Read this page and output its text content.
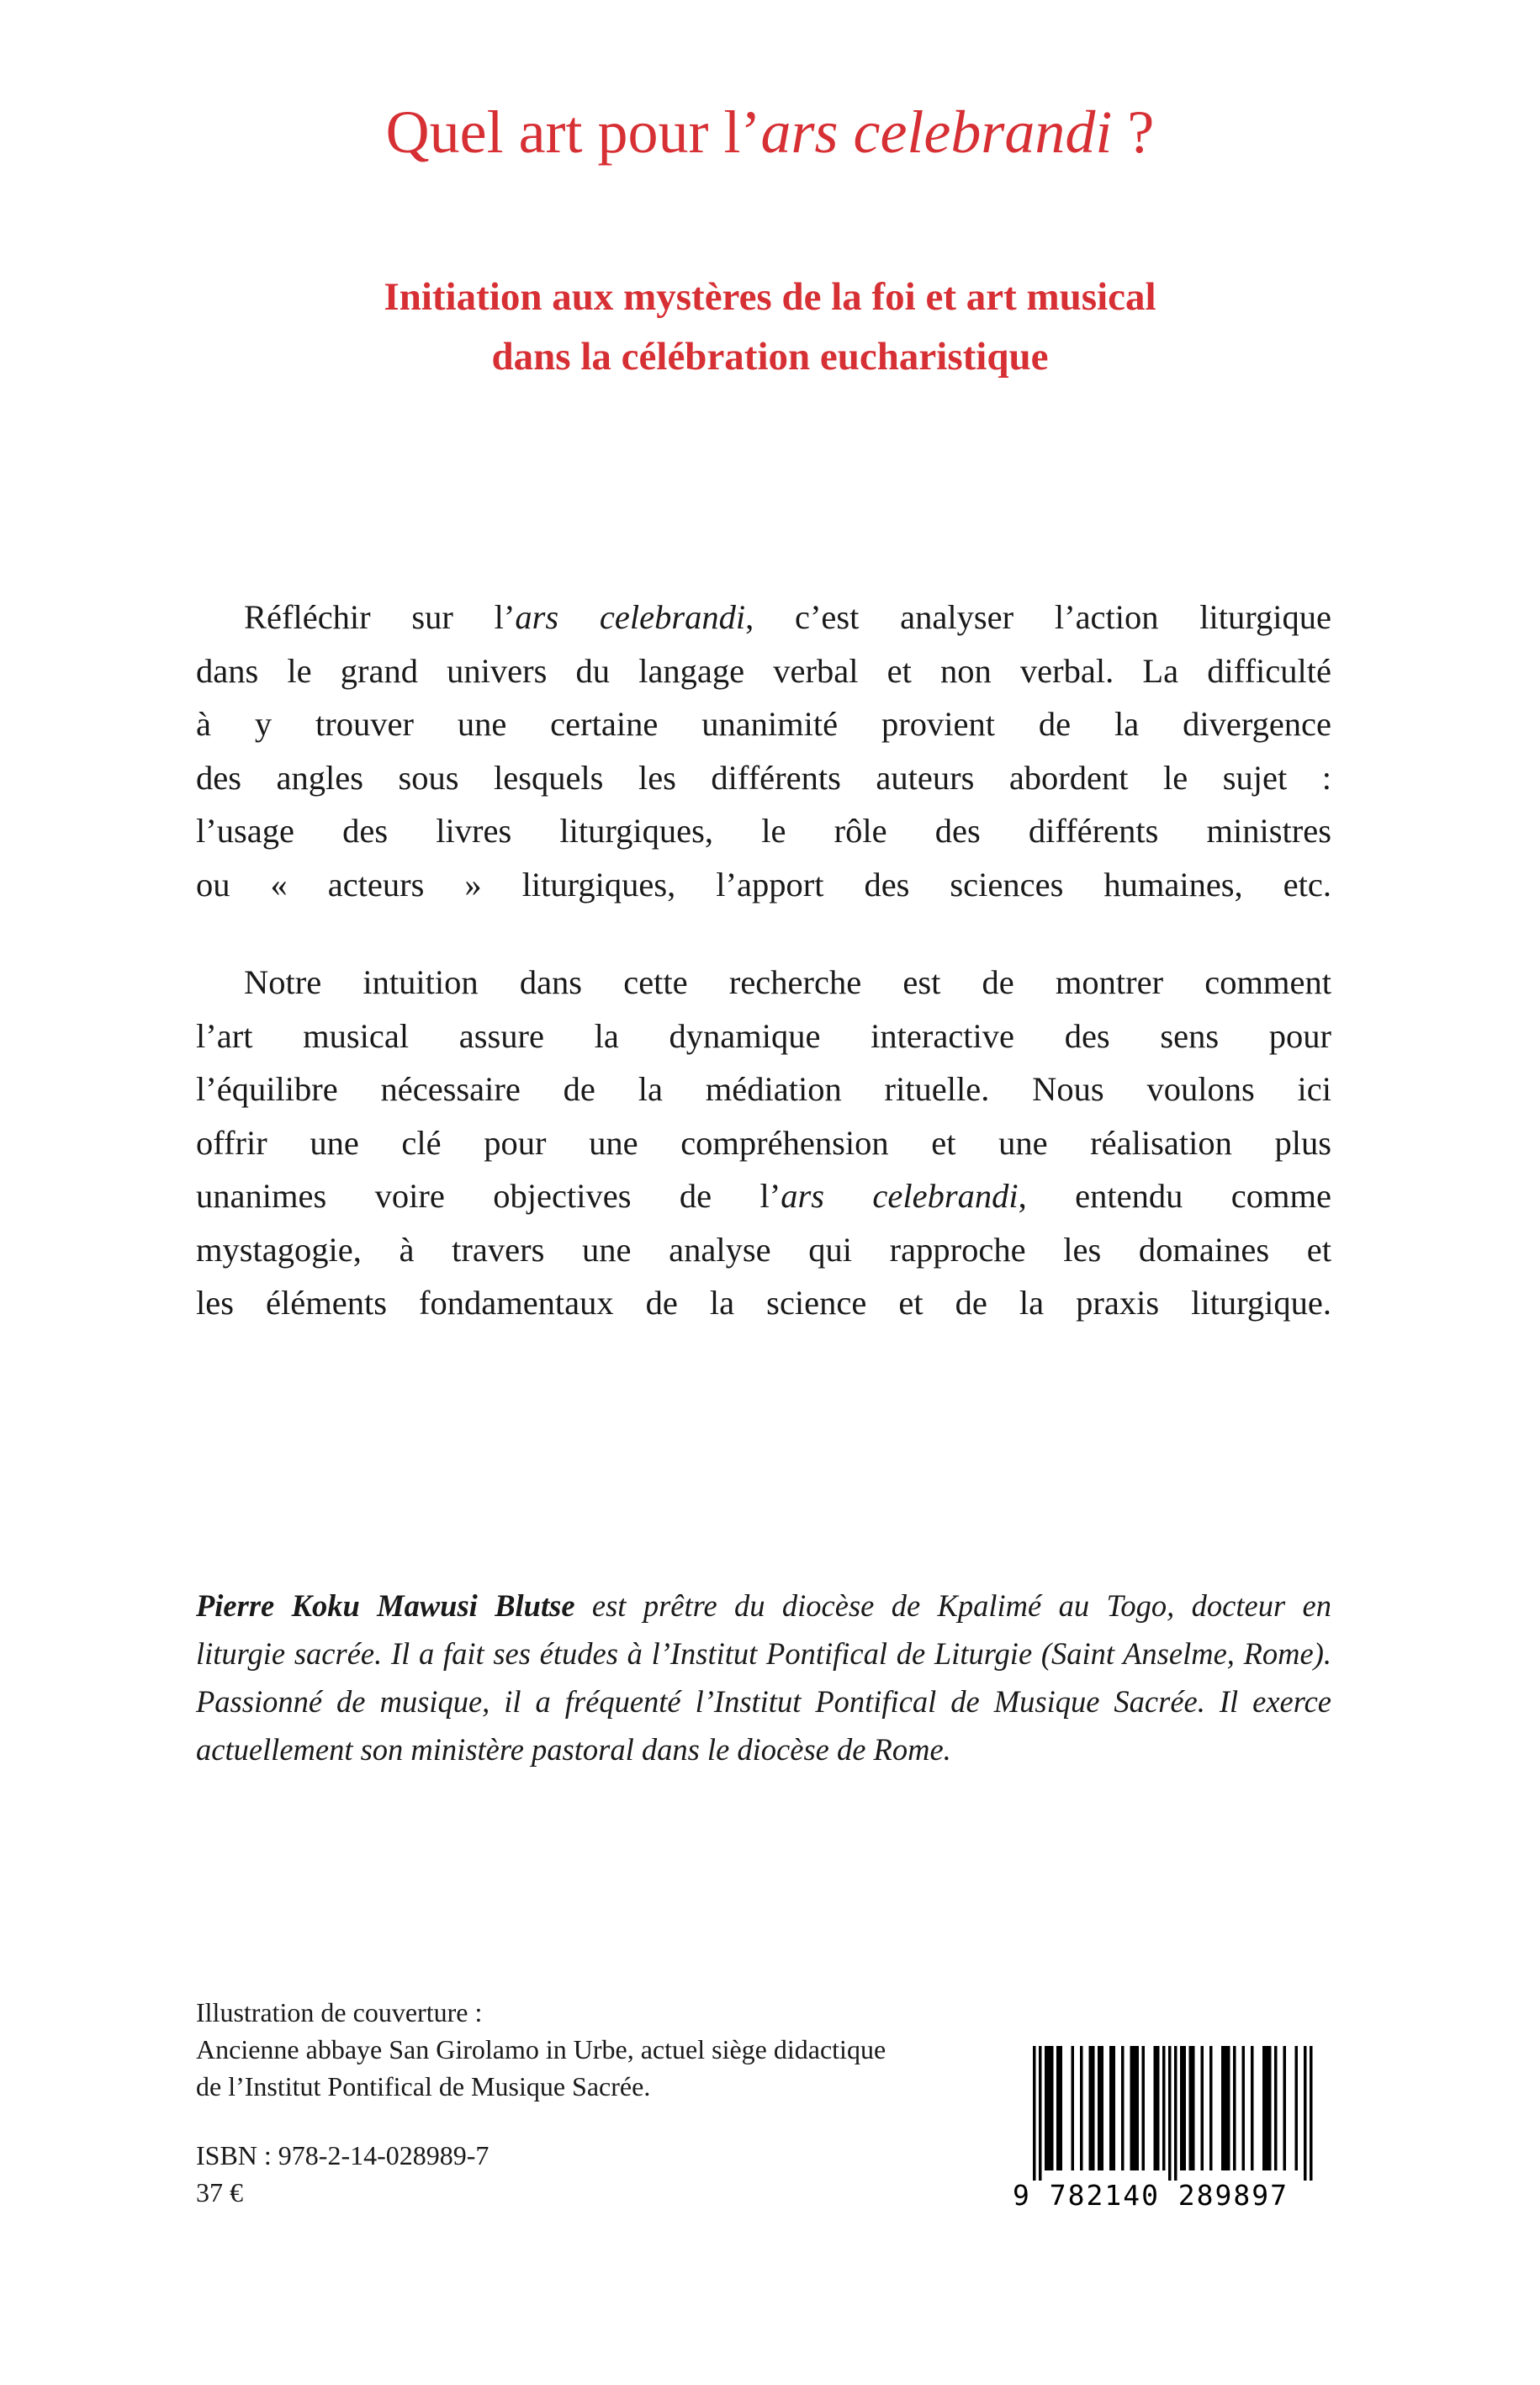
Quel art pour l’ars celebrandi ?
Initiation aux mystères de la foi et art musical
dans la célébration eucharistique
Réfléchir sur l’ars celebrandi, c’est analyser l’action liturgique
dans le grand univers du langage verbal et non verbal. La difficulté
à y trouver une certaine unanimité provient de la divergence
des angles sous lesquels les différents auteurs abordent le sujet :
l’usage des livres liturgiques, le rôle des différents ministres
ou « acteurs » liturgiques, l’apport des sciences humaines, etc.
Notre intuition dans cette recherche est de montrer comment
l’art musical assure la dynamique interactive des sens pour
l’équilibre nécessaire de la médiation rituelle. Nous voulons ici
offrir une clé pour une compréhension et une réalisation plus
unanimes voire objectives de l’ars celebrandi, entendu comme
mystagogie, à travers une analyse qui rapproche les domaines et
les éléments fondamentaux de la science et de la praxis liturgique.
Pierre Koku Mawusi Blutse est prêtre du diocèse de Kpalimé au Togo, docteur en
liturgie sacrée. Il a fait ses études à l’Institut Pontifical de Liturgie (Saint Anselme, Rome).
Passionné de musique, il a fréquenté l’Institut Pontifical de Musique Sacrée. Il exerce
actuellement son ministère pastoral dans le diocèse de Rome.
Illustration de couverture :
Ancienne abbaye San Girolamo in Urbe, actuel siège didactique
de l’Institut Pontifical de Musique Sacrée.
ISBN : 978-2-14-028989-7
37 €	9 782140 289897
